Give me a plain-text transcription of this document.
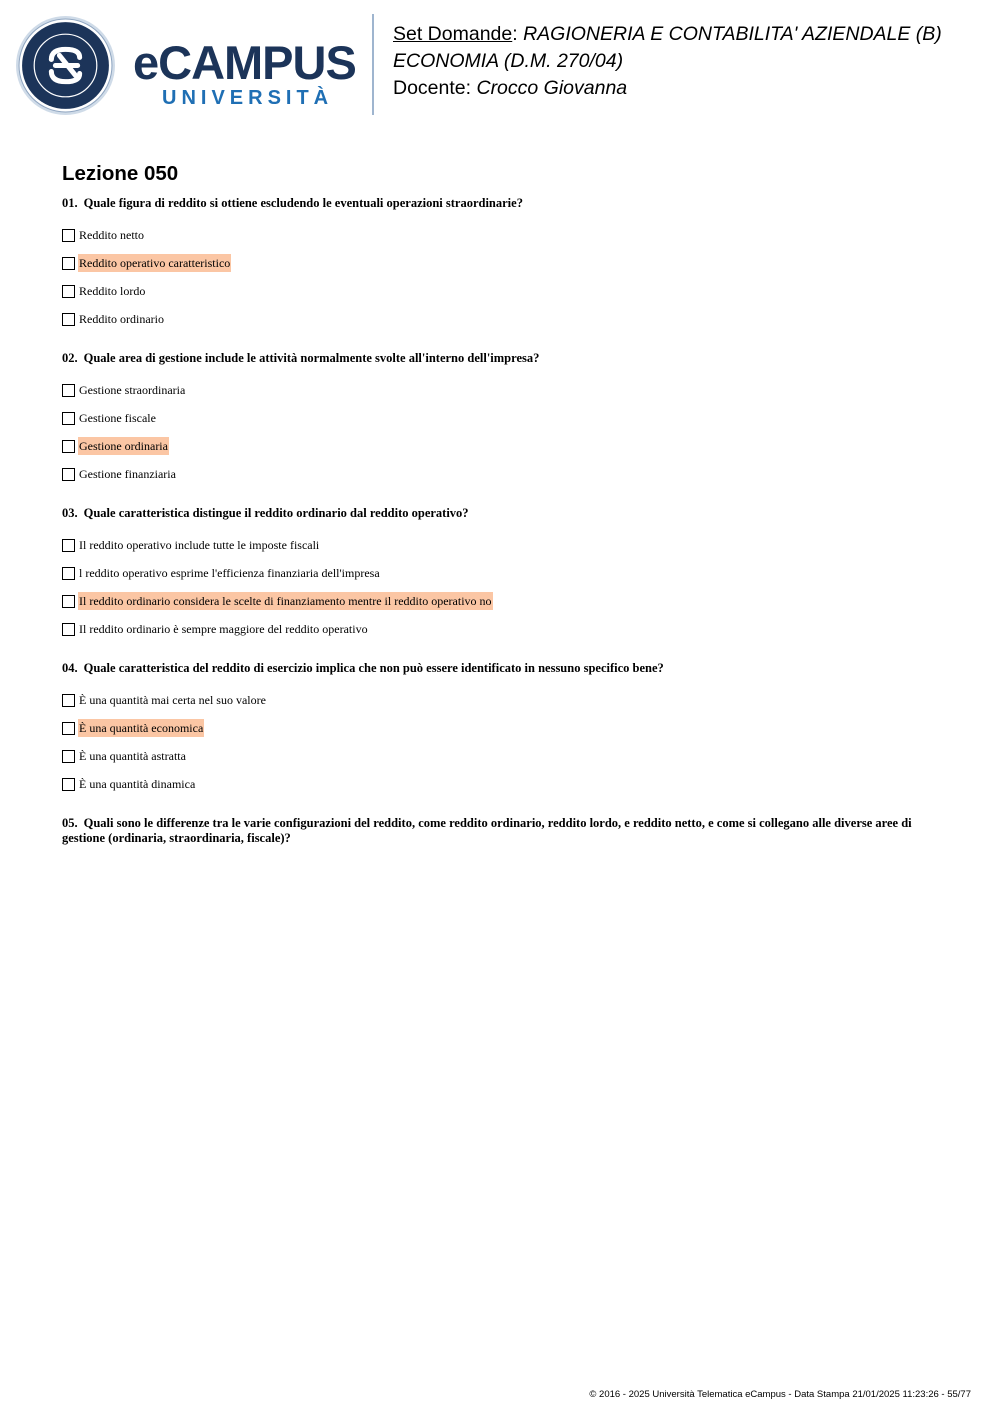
eCAMPUS
UNIVERSITÀ
Set Domande: RAGIONERIA E CONTABILITA' AZIENDALE (B)
ECONOMIA (D.M. 270/04)
Docente: Crocco Giovanna
Lezione 050

01. Quale figura di reddito si ottiene escludendo le eventuali operazioni straordinarie?

Reddito netto
Reddito operativo caratteristico
Reddito lordo
Reddito ordinario

02. Quale area di gestione include le attività normalmente svolte all'interno dell'impresa?

Gestione straordinaria
Gestione fiscale
Gestione ordinaria
Gestione finanziaria

03. Quale caratteristica distingue il reddito ordinario dal reddito operativo?

Il reddito operativo include tutte le imposte fiscali
l reddito operativo esprime l'efficienza finanziaria dell'impresa
Il reddito ordinario considera le scelte di finanziamento mentre il reddito operativo no
Il reddito ordinario è sempre maggiore del reddito operativo

04. Quale caratteristica del reddito di esercizio implica che non può essere identificato in nessuno specifico bene?

È una quantità mai certa nel suo valore
È una quantità economica
È una quantità astratta
È una quantità dinamica

05. Quali sono le differenze tra le varie configurazioni del reddito, come reddito ordinario, reddito lordo, e reddito netto, e come si collegano alle diverse aree di gestione (ordinaria, straordinaria, fiscale)?

© 2016 - 2025 Università Telematica eCampus - Data Stampa 21/01/2025 11:23:26 - 55/77
